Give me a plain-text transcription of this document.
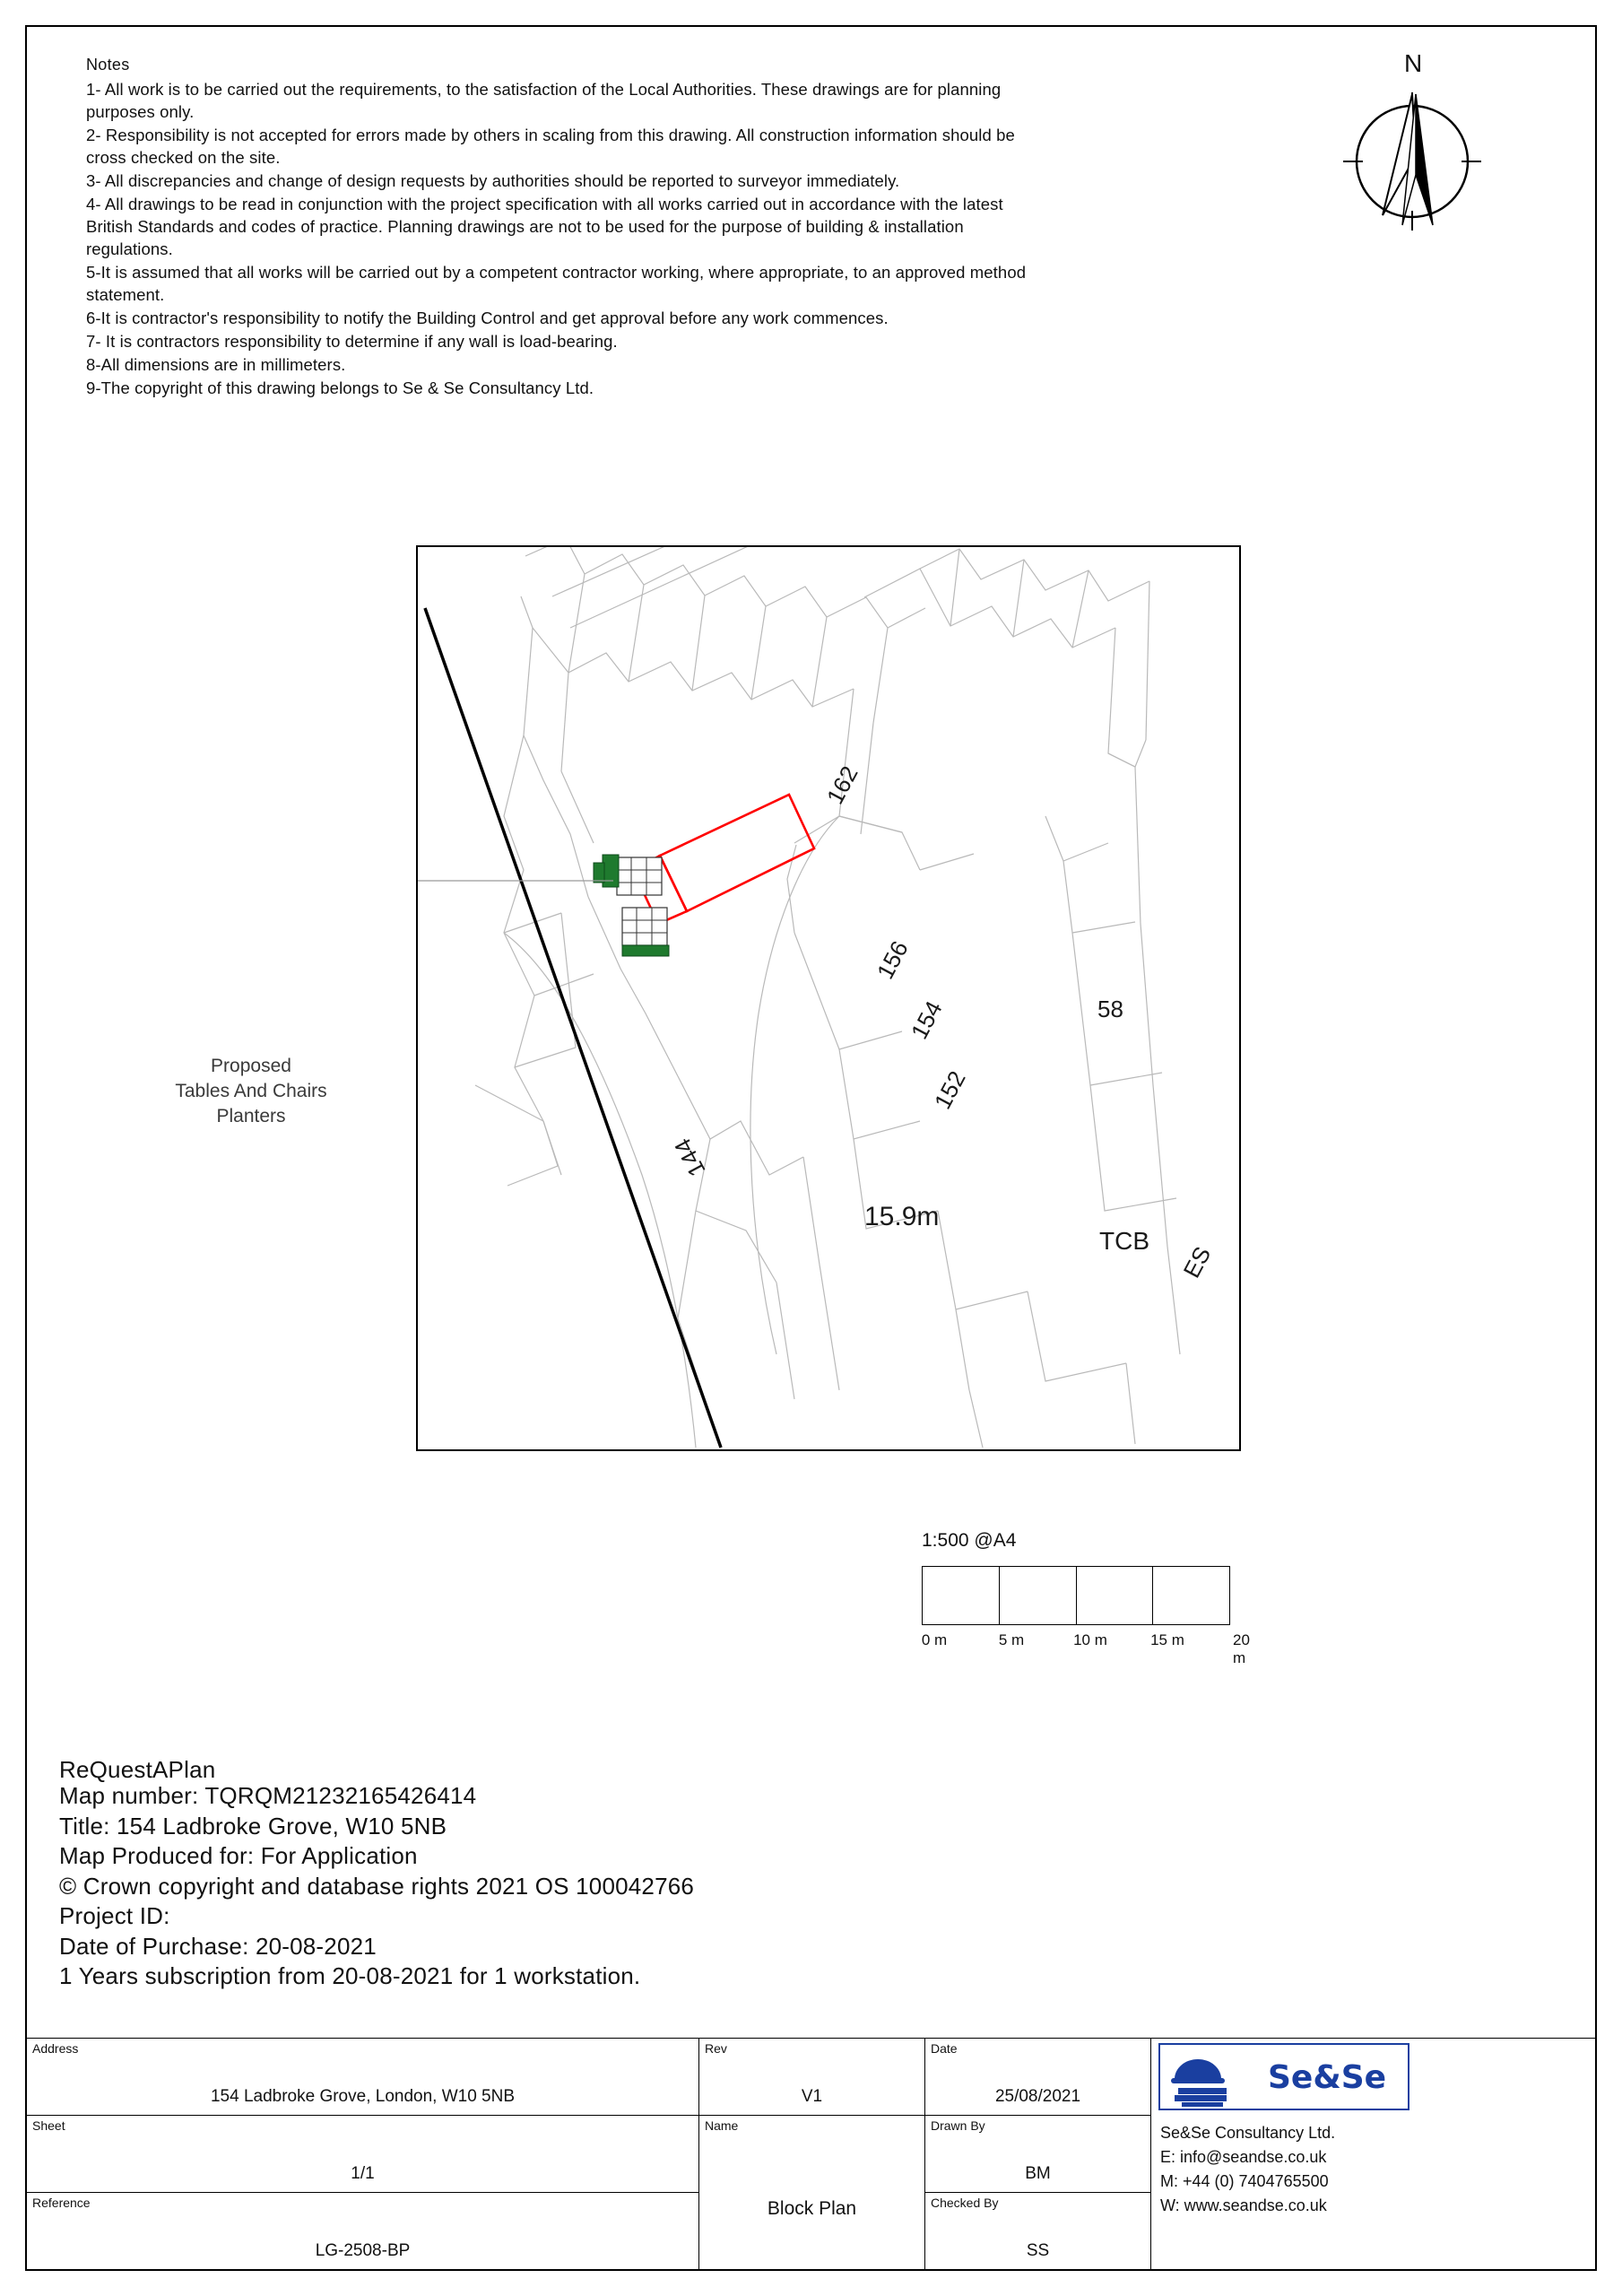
Notes

1- All work is to be carried out the requirements, to the satisfaction of the Local Authorities. These drawings are for planning purposes only.

2- Responsibility is not accepted for errors made by others in scaling from this drawing. All construction information should be cross checked on the site.

3- All discrepancies and change of design requests by authorities should be reported to surveyor immediately.

4- All drawings to be read in conjunction with the project specification with all works carried out in accordance with the latest British Standards and codes of practice. Planning drawings are not to be used for the purpose of building & installation regulations.

5-It is assumed that all works will be carried out by a competent contractor working, where appropriate, to an approved method statement.

6-It is contractor's responsibility to notify the Building Control and get approval before any work commences.

7- It is contractors responsibility to determine if any wall is load-bearing.

8-All dimensions are in millimeters.

9-The copyright of this drawing belongs to Se & Se Consultancy Ltd.

N
162
156
154
152
58
144
15.9m
TCB
ES
Proposed
Tables And Chairs
Planters
1:500 @A4
0 m	5 m	10 m	15 m	20 m
ReQuestAPlan
Map number: TQRQM21232165426414
Title: 154 Ladbroke Grove, W10 5NB
Map Produced for: For Application
© Crown copyright and database rights 2021 OS 100042766
Project ID:
Date of Purchase: 20-08-2021
1 Years subscription from 20-08-2021 for 1 workstation.
Address
154 Ladbroke Grove, London, W10 5NB
Sheet
1/1
Reference
LG-2508-BP
Rev
V1
Name
Block Plan
Date
25/08/2021
Drawn By
BM
Checked By
SS
Se&Se
Se&Se Consultancy Ltd.
E: info@seandse.co.uk
M: +44 (0) 7404765500
W: www.seandse.co.uk
